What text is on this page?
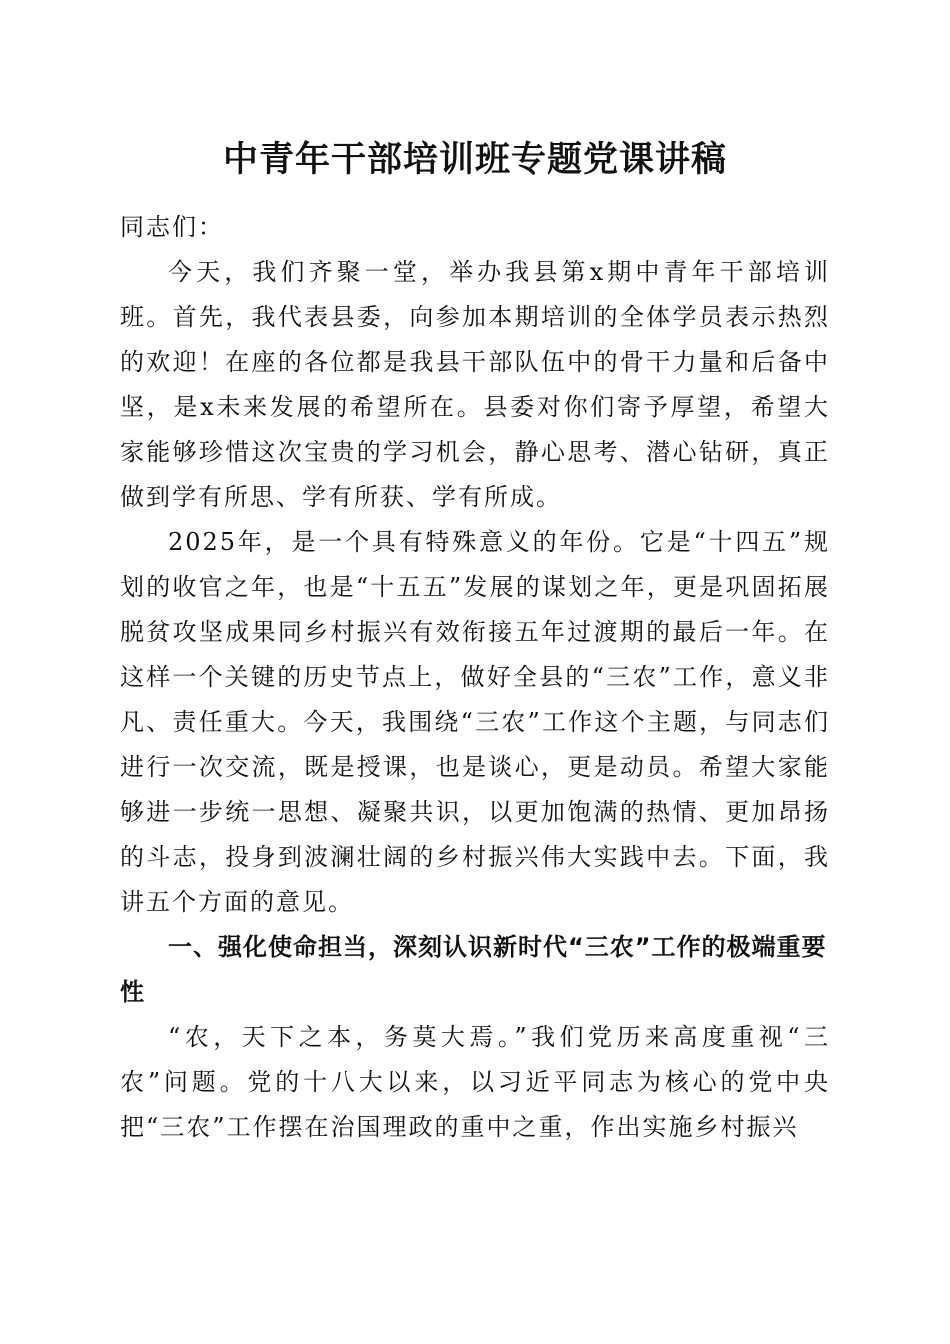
中青年干部培训班专题党课讲稿

同志们：

今天，我们齐聚一堂，举办我县第x期中青年干部培训班。首先，我代表县委，向参加本期培训的全体学员表示热烈的欢迎！在座的各位都是我县干部队伍中的骨干力量和后备中坚，是x未来发展的希望所在。县委对你们寄予厚望，希望大家能够珍惜这次宝贵的学习机会，静心思考、潜心钻研，真正做到学有所思、学有所获、学有所成。

2025年，是一个具有特殊意义的年份。它是“十四五”规划的收官之年，也是“十五五”发展的谋划之年，更是巩固拓展脱贫攻坚成果同乡村振兴有效衔接五年过渡期的最后一年。在这样一个关键的历史节点上，做好全县的“三农”工作，意义非凡、责任重大。今天，我围绕“三农”工作这个主题，与同志们进行一次交流，既是授课，也是谈心，更是动员。希望大家能够进一步统一思想、凝聚共识，以更加饱满的热情、更加昂扬的斗志，投身到波澜壮阔的乡村振兴伟大实践中去。下面，我讲五个方面的意见。

一、强化使命担当，深刻认识新时代“三农”工作的极端重要性

“农，天下之本，务莫大焉。”我们党历来高度重视“三农”问题。党的十八大以来，以习近平同志为核心的党中央把“三农”工作摆在治国理政的重中之重，作出实施乡村振兴
